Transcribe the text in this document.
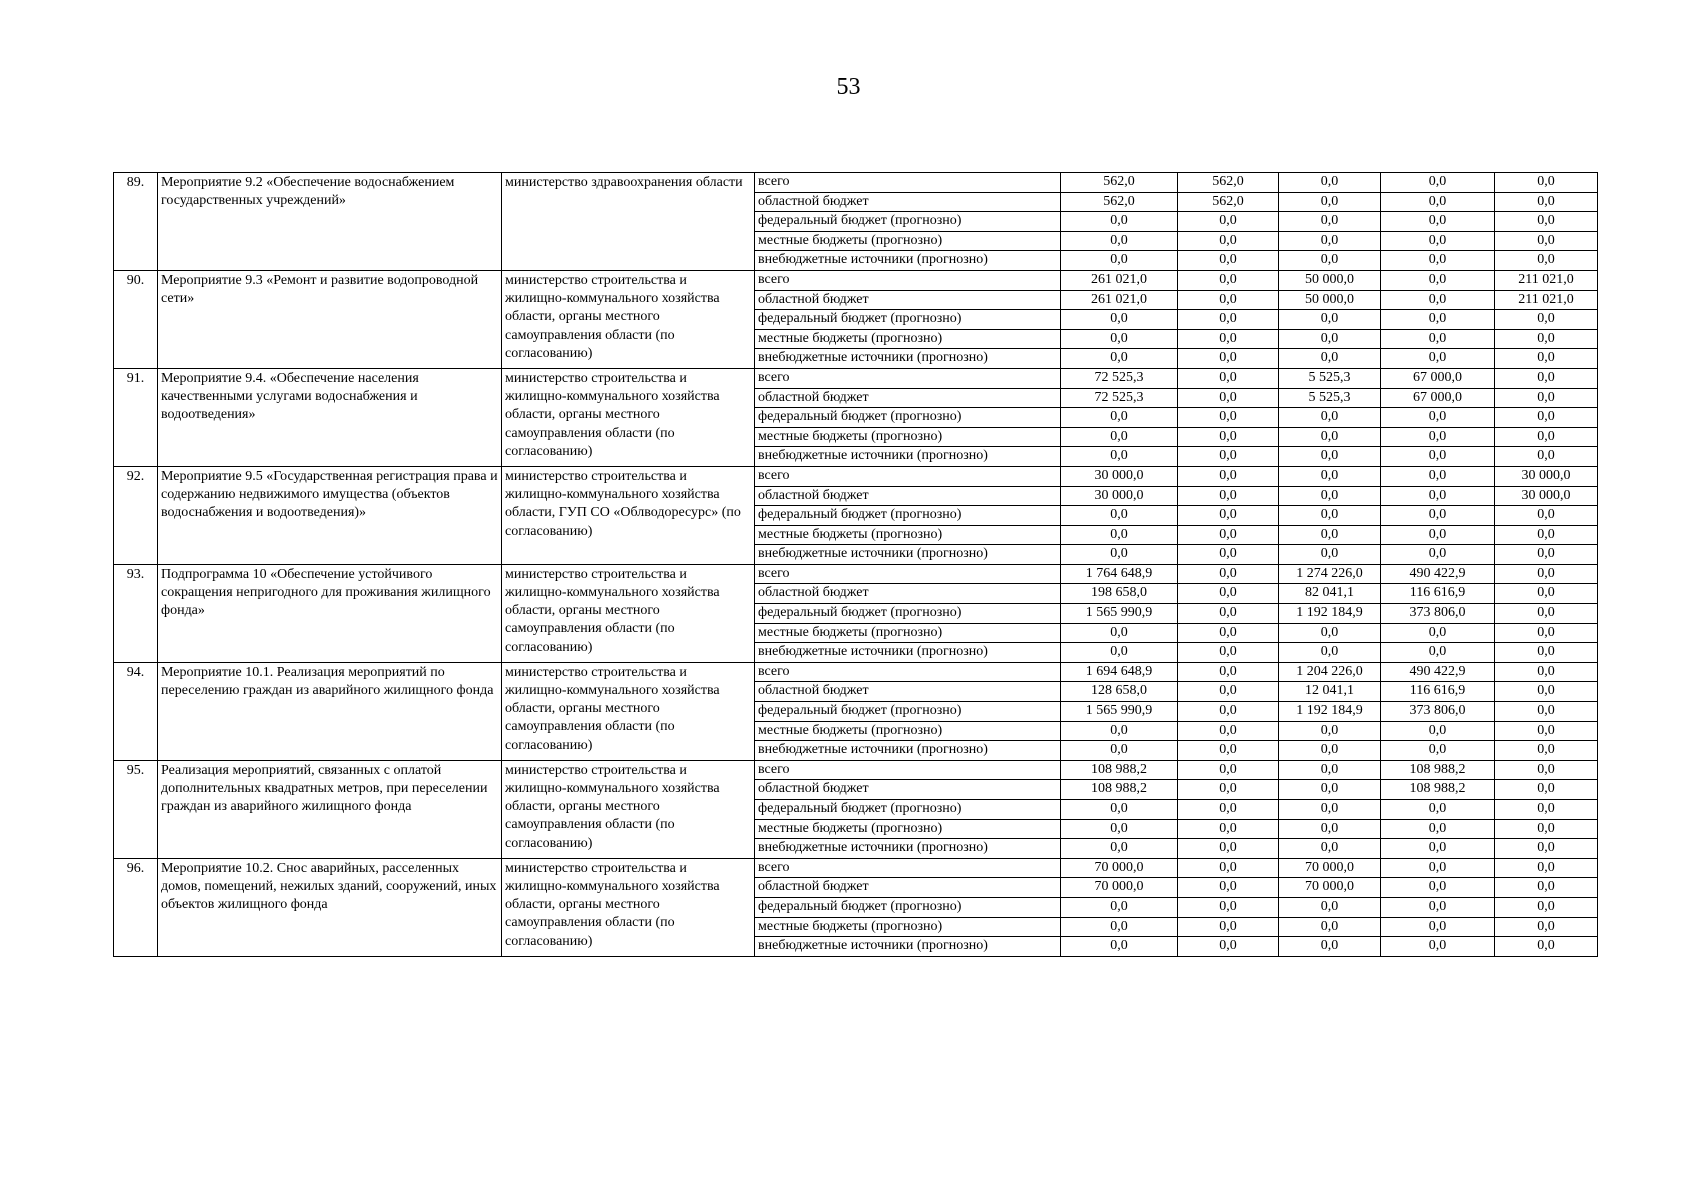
53
89.	Мероприятие 9.2 «Обеспечение водоснабжением государственных учреждений»	министерство здравоохранения области	всего	562,0	562,0	0,0	0,0	0,0
			областной бюджет	562,0	562,0	0,0	0,0	0,0
			федеральный бюджет (прогнозно)	0,0	0,0	0,0	0,0	0,0
			местные бюджеты (прогнозно)	0,0	0,0	0,0	0,0	0,0
			внебюджетные источники (прогнозно)	0,0	0,0	0,0	0,0	0,0
90.	Мероприятие 9.3 «Ремонт и развитие водопроводной сети»	министерство строительства и жилищно-коммунального хозяйства области, органы местного самоуправления области (по согласованию)	всего	261 021,0	0,0	50 000,0	0,0	211 021,0
			областной бюджет	261 021,0	0,0	50 000,0	0,0	211 021,0
			федеральный бюджет (прогнозно)	0,0	0,0	0,0	0,0	0,0
			местные бюджеты (прогнозно)	0,0	0,0	0,0	0,0	0,0
			внебюджетные источники (прогнозно)	0,0	0,0	0,0	0,0	0,0
91.	Мероприятие 9.4. «Обеспечение населения качественными услугами водоснабжения и водоотведения»	министерство строительства и жилищно-коммунального хозяйства области, органы местного самоуправления области (по согласованию)	всего	72 525,3	0,0	5 525,3	67 000,0	0,0
			областной бюджет	72 525,3	0,0	5 525,3	67 000,0	0,0
			федеральный бюджет (прогнозно)	0,0	0,0	0,0	0,0	0,0
			местные бюджеты (прогнозно)	0,0	0,0	0,0	0,0	0,0
			внебюджетные источники (прогнозно)	0,0	0,0	0,0	0,0	0,0
92.	Мероприятие 9.5 «Государственная регистрация права и содержанию недвижимого имущества (объектов водоснабжения и водоотведения)»	министерство строительства и жилищно-коммунального хозяйства области, ГУП СО «Облводоресурс» (по согласованию)	всего	30 000,0	0,0	0,0	0,0	30 000,0
			областной бюджет	30 000,0	0,0	0,0	0,0	30 000,0
			федеральный бюджет (прогнозно)	0,0	0,0	0,0	0,0	0,0
			местные бюджеты (прогнозно)	0,0	0,0	0,0	0,0	0,0
			внебюджетные источники (прогнозно)	0,0	0,0	0,0	0,0	0,0
93.	Подпрограмма 10 «Обеспечение устойчивого сокращения непригодного для проживания жилищного фонда»	министерство строительства и жилищно-коммунального хозяйства области, органы местного самоуправления области (по согласованию)	всего	1 764 648,9	0,0	1 274 226,0	490 422,9	0,0
			областной бюджет	198 658,0	0,0	82 041,1	116 616,9	0,0
			федеральный бюджет (прогнозно)	1 565 990,9	0,0	1 192 184,9	373 806,0	0,0
			местные бюджеты (прогнозно)	0,0	0,0	0,0	0,0	0,0
			внебюджетные источники (прогнозно)	0,0	0,0	0,0	0,0	0,0
94.	Мероприятие 10.1. Реализация мероприятий по переселению граждан из аварийного жилищного фонда	министерство строительства и жилищно-коммунального хозяйства области, органы местного самоуправления области (по согласованию)	всего	1 694 648,9	0,0	1 204 226,0	490 422,9	0,0
			областной бюджет	128 658,0	0,0	12 041,1	116 616,9	0,0
			федеральный бюджет (прогнозно)	1 565 990,9	0,0	1 192 184,9	373 806,0	0,0
			местные бюджеты (прогнозно)	0,0	0,0	0,0	0,0	0,0
			внебюджетные источники (прогнозно)	0,0	0,0	0,0	0,0	0,0
95.	Реализация мероприятий, связанных с оплатой дополнительных квадратных метров, при переселении граждан из аварийного жилищного фонда	министерство строительства и жилищно-коммунального хозяйства области, органы местного самоуправления области (по согласованию)	всего	108 988,2	0,0	0,0	108 988,2	0,0
			областной бюджет	108 988,2	0,0	0,0	108 988,2	0,0
			федеральный бюджет (прогнозно)	0,0	0,0	0,0	0,0	0,0
			местные бюджеты (прогнозно)	0,0	0,0	0,0	0,0	0,0
			внебюджетные источники (прогнозно)	0,0	0,0	0,0	0,0	0,0
96.	Мероприятие 10.2. Снос аварийных, расселенных домов, помещений, нежилых зданий, сооружений, иных объектов жилищного фонда	министерство строительства и жилищно-коммунального хозяйства области, органы местного самоуправления области (по согласованию)	всего	70 000,0	0,0	70 000,0	0,0	0,0
			областной бюджет	70 000,0	0,0	70 000,0	0,0	0,0
			федеральный бюджет (прогнозно)	0,0	0,0	0,0	0,0	0,0
			местные бюджеты (прогнозно)	0,0	0,0	0,0	0,0	0,0
			внебюджетные источники (прогнозно)	0,0	0,0	0,0	0,0	0,0
